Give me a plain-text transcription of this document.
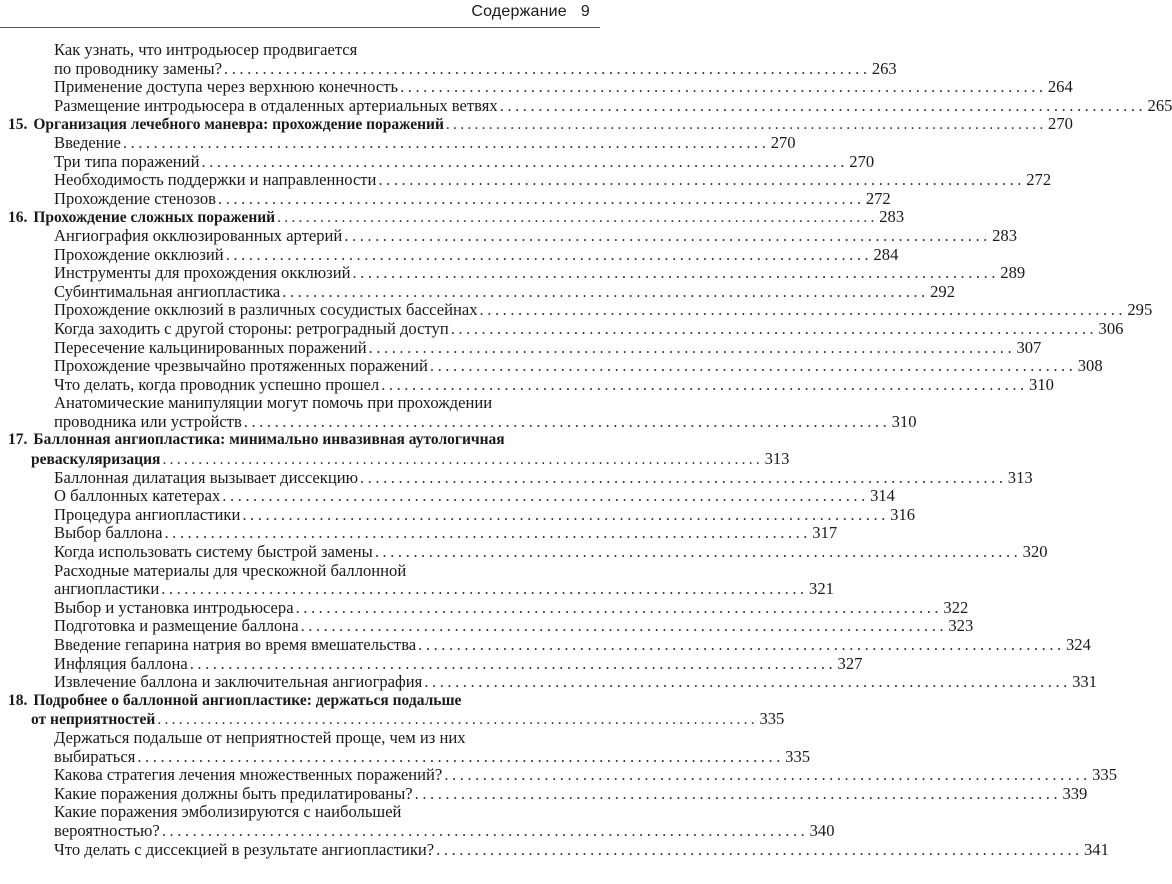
Содержание 9
Как узнать, что интродьюсер продвигается
по проводнику замены? . . .	263
Применение доступа через верхнюю конечность . . .	264
Размещение интродьюсера в отдаленных артериальных ветвях . . .	265
15. Организация лечебного маневра: прохождение поражений . . .	270
Введение . . .	270
Три типа поражений . . .	270
Необходимость поддержки и направленности . . .	272
Прохождение стенозов . . .	272
16. Прохождение сложных поражений . . .	283
Ангиография окклюзированных артерий . . .	283
Прохождение окклюзий . . .	284
Инструменты для прохождения окклюзий . . .	289
Субинтимальная ангиопластика . . .	292
Прохождение окклюзий в различных сосудистых бассейнах . . .	295
Когда заходить с другой стороны: ретроградный доступ . . .	306
Пересечение кальцинированных поражений . . .	307
Прохождение чрезвычайно протяженных поражений . . .	308
Что делать, когда проводник успешно прошел . . .	310
Анатомические манипуляции могут помочь при прохождении
проводника или устройств . . .	310
17. Баллонная ангиопластика: минимально инвазивная аутологичная
реваскуляризация . . .	313
Баллонная дилатация вызывает диссекцию . . .	313
О баллонных катетерах . . .	314
Процедура ангиопластики . . .	316
Выбор баллона . . .	317
Когда использовать систему быстрой замены . . .	320
Расходные материалы для чрескожной баллонной
ангиопластики . . .	321
Выбор и установка интродьюсера . . .	322
Подготовка и размещение баллона . . .	323
Введение гепарина натрия во время вмешательства . . .	324
Инфляция баллона . . .	327
Извлечение баллона и заключительная ангиография . . .	331
18. Подробнее о баллонной ангиопластике: держаться подальше
от неприятностей . . .	335
Держаться подальше от неприятностей проще, чем из них
выбираться . . .	335
Какова стратегия лечения множественных поражений? . . .	335
Какие поражения должны быть предилатированы? . . .	339
Какие поражения эмболизируются с наибольшей
вероятностью? . . .	340
Что делать с диссекцией в результате ангиопластики? . . .	341
